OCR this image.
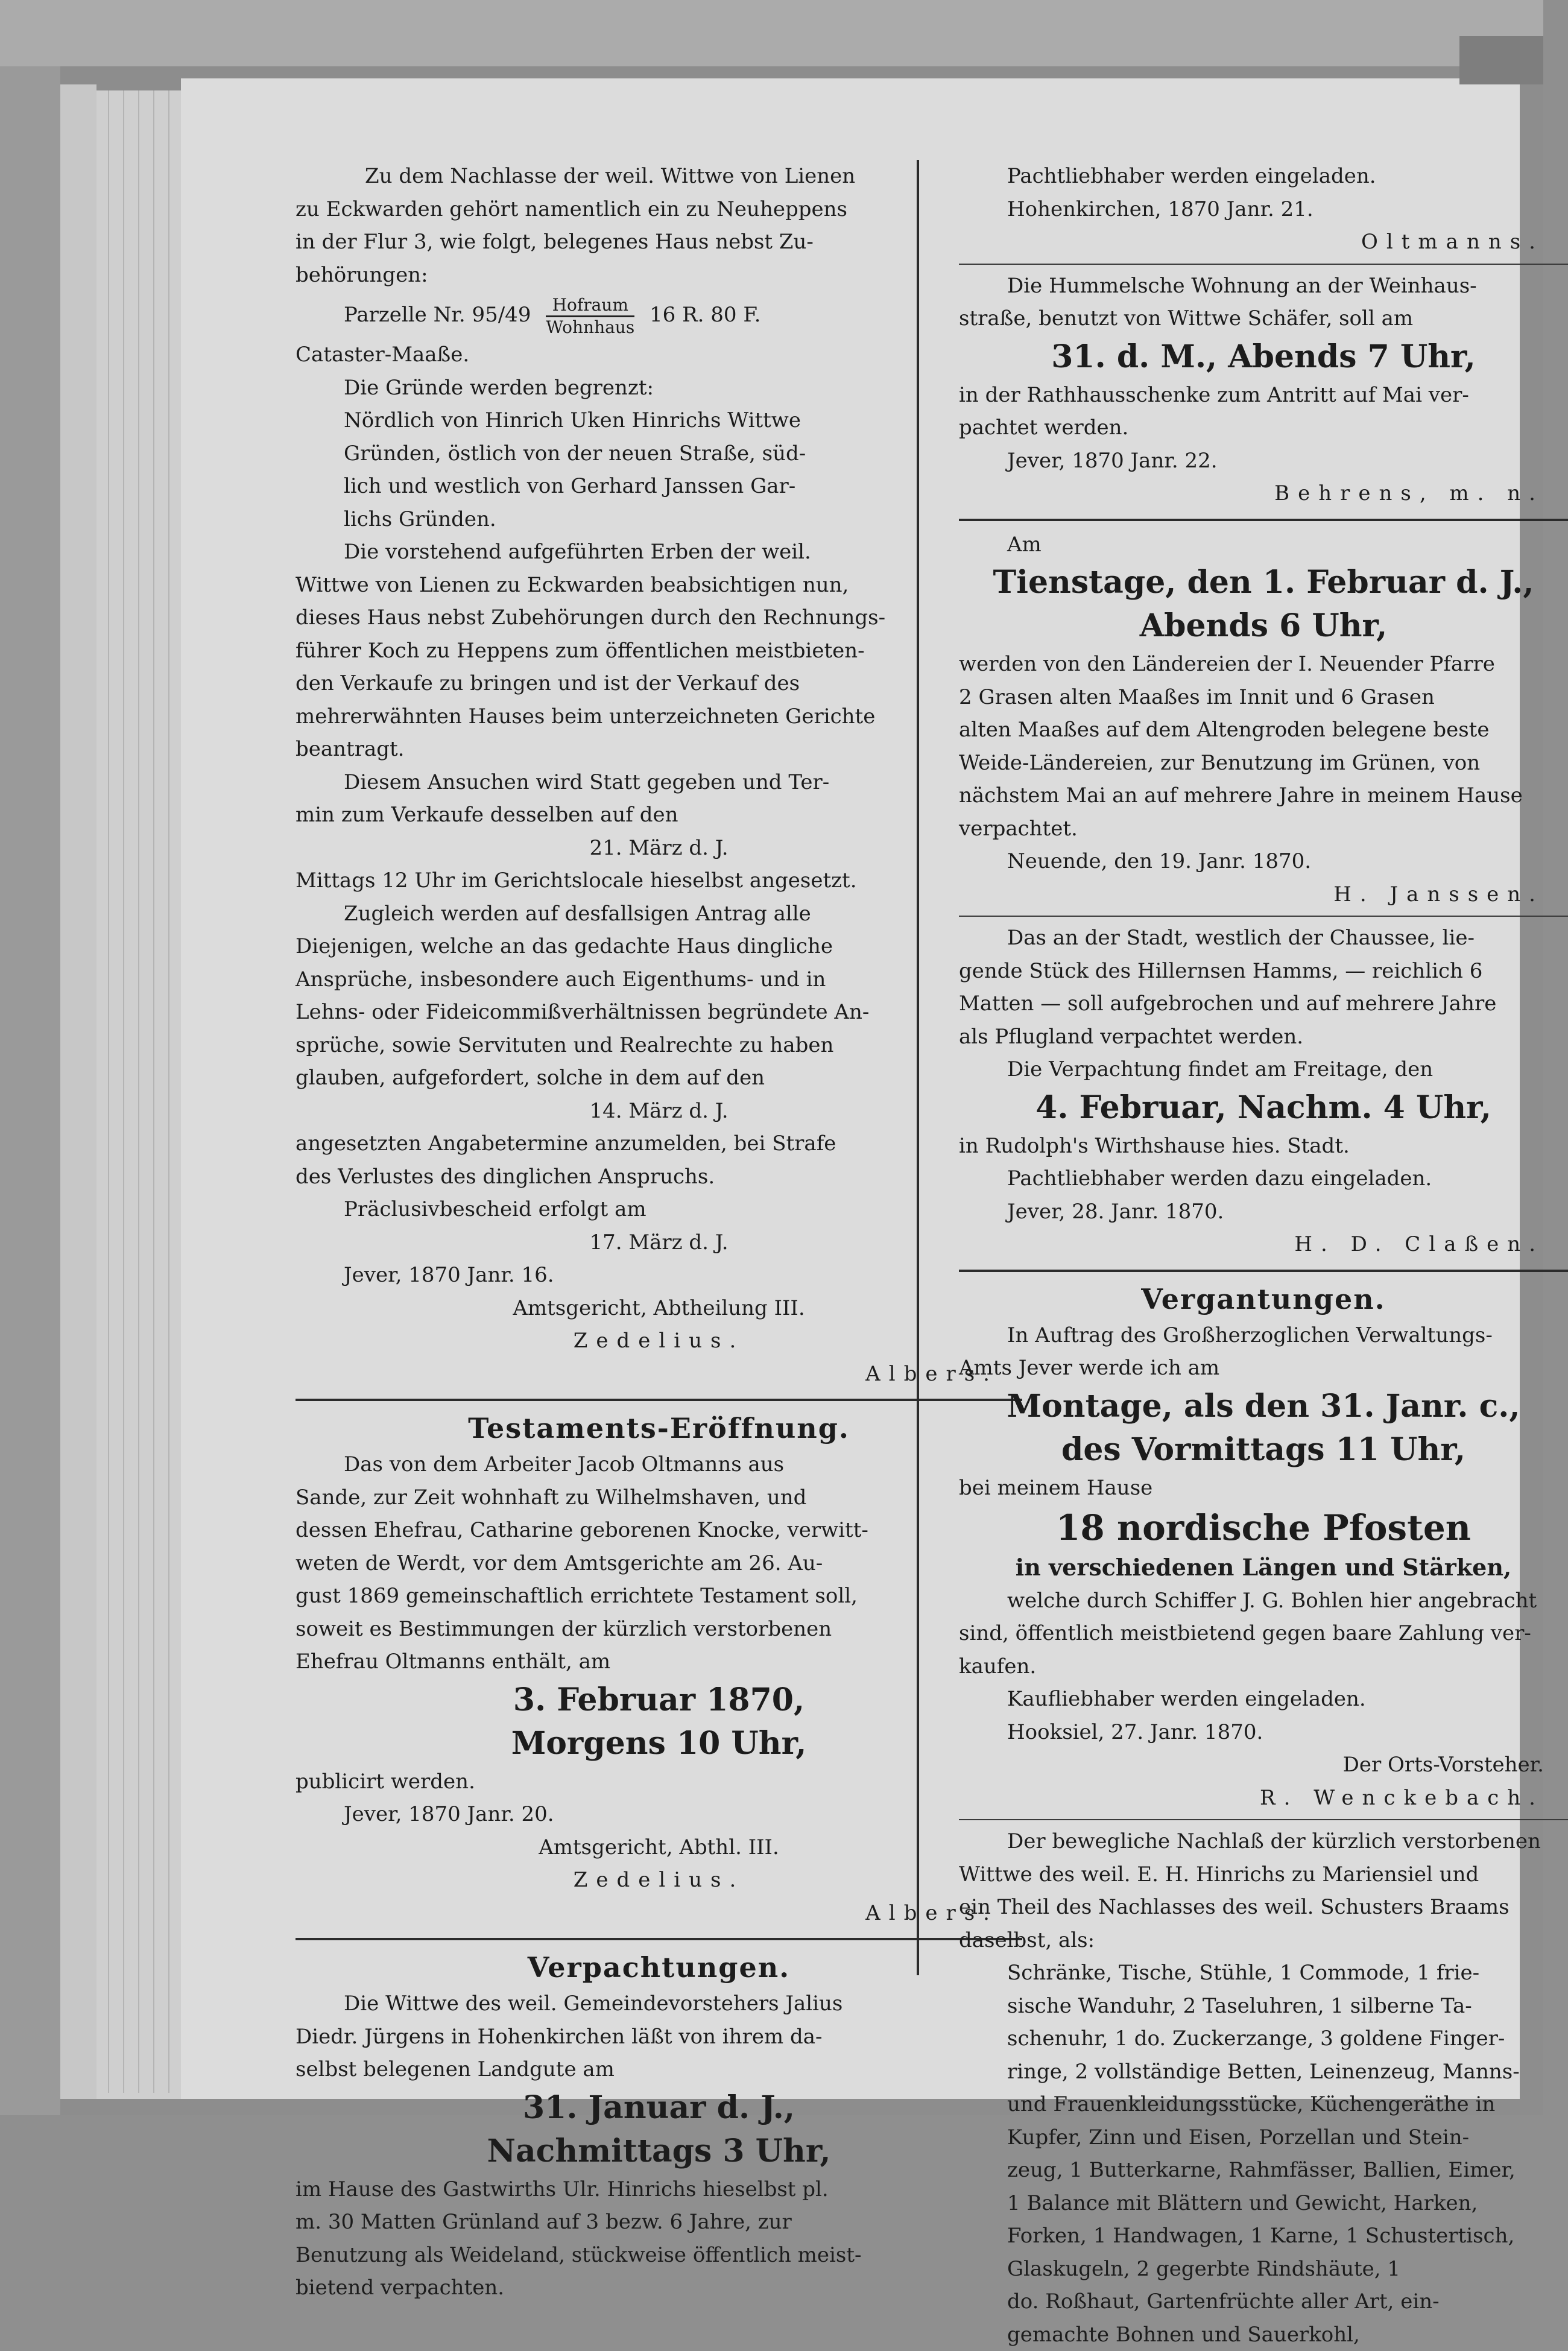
Zu dem Nachlasse der weil. Wittwe von Lienen
zu Eckwarden gehört namentlich ein zu Neuheppens
in der Flur 3, wie folgt, belegenes Haus nebst Zu-
behörungen:
Parzelle Nr. $95/49 \frac{\text{Hofraum}}{\text{Wohnhaus}} 16$ R. 80 F.
Cataster-Maaße.
Die Gründe werden begrenzt:
Nördlich von Hinrich Uken Hinrichs Wittwe
Gründen, östlich von der neuen Straße, süd-
lich und westlich von Gerhard Janssen Gar-
lichs Gründen.
Die vorstehend aufgeführten Erben der weil.
Wittwe von Lienen zu Eckwarden beabsichtigen nun,
dieses Haus nebst Zubehörungen durch den Rechnungs-
führer Koch zu Heppens zum öffentlichen meistbieten-
den Verkaufe zu bringen und ist der Verkauf des
mehrerwähnten Hauses beim unterzeichneten Gerichte
beantragt.
Diesem Ansuchen wird Statt gegeben und Ter-
min zum Verkaufe desselben auf den
21. März d. J.
Mittags 12 Uhr im Gerichtslocale hieselbst angesetzt.
Zugleich werden auf desfallsigen Antrag alle
Diejenigen, welche an das gedachte Haus dingliche
Ansprüche, insbesondere auch Eigenthums- und in
Lehns- oder Fideicommißverhältnissen begründete An-
sprüche, sowie Servituten und Realrechte zu haben
glauben, aufgefordert, solche in dem auf den
14. März d. J.
angesetzten Angabetermine anzumelden, bei Strafe
des Verlustes des dinglichen Anspruchs.
Präclusivbescheid erfolgt am
17. März d. J.
Jever, 1870 Janr. 16.
Amtsgericht, Abtheilung III.
Zedelius.
Albers.
Testaments-Eröffnung.
Das von dem Arbeiter Jacob Oltmanns aus
Sande, zur Zeit wohnhaft zu Wilhelmshaven, und
dessen Ehefrau, Catharine geborenen Knocke, verwitt-
weten de Werdt, vor dem Amtsgerichte am 26. Au-
gust 1869 gemeinschaftlich errichtete Testament soll,
soweit es Bestimmungen der kürzlich verstorbenen
Ehefrau Oltmanns enthält, am
3. Februar 1870,
Morgens 10 Uhr,
publicirt werden.
Jever, 1870 Janr. 20.
Amtsgericht, Abthl. III.
Zedelius.
Albers.
Verpachtungen.
Die Wittwe des weil. Gemeindevorstehers Jalius
Diedr. Jürgens in Hohenkirchen läßt von ihrem da-
selbst belegenen Landgute am
31. Januar d. J.,
Nachmittags 3 Uhr,
im Hause des Gastwirths Ulr. Hinrichs hieselbst pl.
m. 30 Matten Grünland auf 3 bezw. 6 Jahre, zur
Benutzung als Weideland, stückweise öffentlich meist-
bietend verpachten.
Pachtliebhaber werden eingeladen.
Hohenkirchen, 1870 Janr. 21.
Oltmanns.
Die Hummelsche Wohnung an der Weinhaus-
straße, benutzt von Wittwe Schäfer, soll am
31. d. M., Abends 7 Uhr,
in der Rathhausschenke zum Antritt auf Mai ver-
pachtet werden.
Jever, 1870 Janr. 22.
Behrens, m. n.
Am
Tienstage, den 1. Februar d. J.,
Abends 6 Uhr,
werden von den Ländereien der I. Neuender Pfarre
2 Grasen alten Maaßes im Innit und 6 Grasen
alten Maaßes auf dem Altengroden belegene beste
Weide-Ländereien, zur Benutzung im Grünen, von
nächstem Mai an auf mehrere Jahre in meinem Hause
verpachtet.
Neuende, den 19. Janr. 1870.
H. Janssen.
Das an der Stadt, westlich der Chaussee, lie-
gende Stück des Hillernsen Hamms, — reichlich 6
Matten — soll aufgebrochen und auf mehrere Jahre
als Pflugland verpachtet werden.
Die Verpachtung findet am Freitage, den
4. Februar, Nachm. 4 Uhr,
in Rudolph's Wirthshause hies. Stadt.
Pachtliebhaber werden dazu eingeladen.
Jever, 28. Janr. 1870.
H. D. Claßen.
Vergantungen.
In Auftrag des Großherzoglichen Verwaltungs-
Amts Jever werde ich am
Montage, als den 31. Janr. c.,
des Vormittags 11 Uhr,
bei meinem Hause
18 nordische Pfosten
in verschiedenen Längen und Stärken,
welche durch Schiffer J. G. Bohlen hier angebracht
sind, öffentlich meistbietend gegen baare Zahlung ver-
kaufen.
Kaufliebhaber werden eingeladen.
Hooksiel, 27. Janr. 1870.
Der Orts-Vorsteher.
R. Wenckebach.
Der bewegliche Nachlaß der kürzlich verstorbenen
Wittwe des weil. E. H. Hinrichs zu Mariensiel und
ein Theil des Nachlasses des weil. Schusters Braams
daselbst, als:
Schränke, Tische, Stühle, 1 Commode, 1 frie-
sische Wanduhr, 2 Taseluhren, 1 silberne Ta-
schenuhr, 1 do. Zuckerzange, 3 goldene Finger-
ringe, 2 vollständige Betten, Leinenzeug, Manns-
und Frauenkleidungsstücke, Küchengeräthe in
Kupfer, Zinn und Eisen, Porzellan und Stein-
zeug, 1 Butterkarne, Rahmfässer, Ballien, Eimer,
1 Balance mit Blättern und Gewicht, Harken,
Forken, 1 Handwagen, 1 Karne, 1 Schustertisch,
Glaskugeln, 2 gegerbte Rindshäute, 1
do. Roßhaut, Gartenfrüchte aller Art, ein-
gemachte Bohnen und Sauerkohl,
